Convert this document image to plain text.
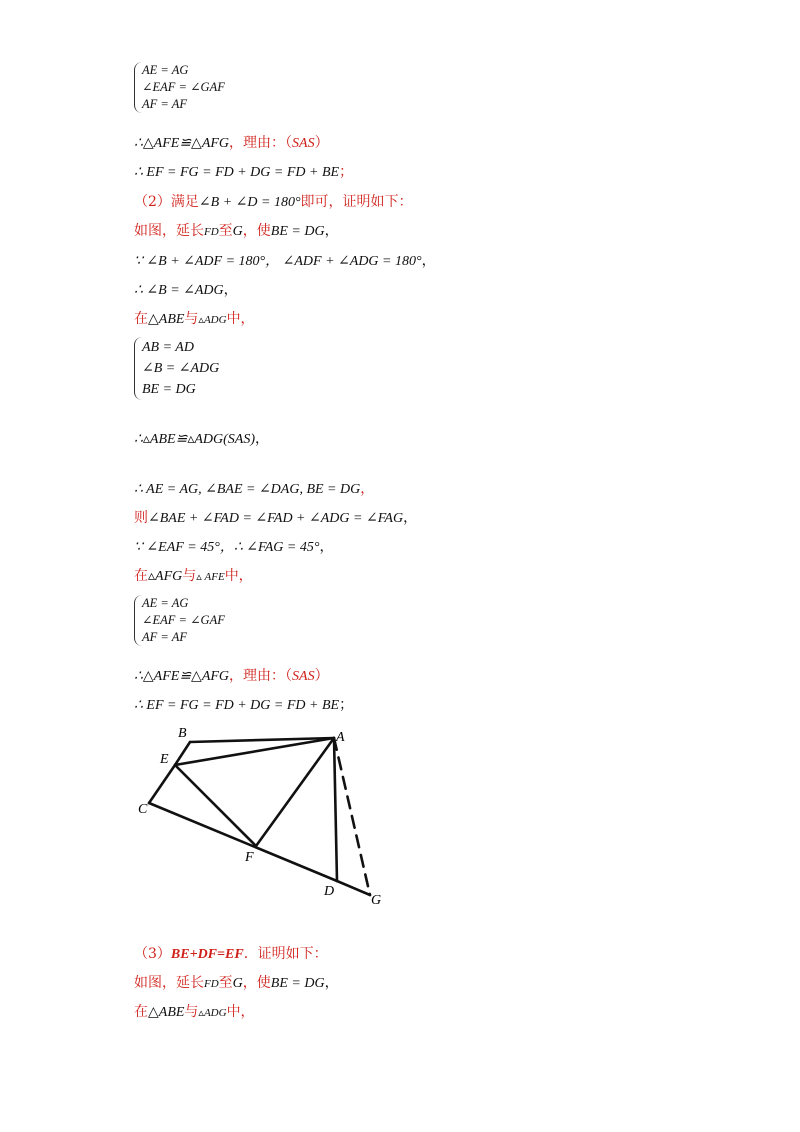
AE = AG
∠EAF = ∠GAF
AF = AF
∴△AFE≌△AFG，理由：（SAS）
∴ EF = FG = FD + DG = FD + BE；
（2）满足∠B + ∠D = 180°即可，证明如下：
如图，延长FD至G，使BE = DG，
∵ ∠B + ∠ADF = 180°， ∠ADF + ∠ADG = 180°，
∴ ∠B = ∠ADG，
在△ABE与▵ADG中，
AB = AD
∠B = ∠ADG
BE = DG
∴▵ABE≌▵ADG(SAS)，
∴ AE = AG, ∠BAE = ∠DAG, BE = DG，
则∠BAE + ∠FAD = ∠FAD + ∠ADG = ∠FAG，
∵ ∠EAF = 45°，∴ ∠FAG = 45°，
在▵AFG与▵ AFE中，
AE = AG
∠EAF = ∠GAF
AF = AF
∴△AFE≌△AFG，理由：（SAS）
∴ EF = FG = FD + DG = FD + BE；
A
B
C
D
E
F
G
（3）BE+DF=EF．证明如下：
如图，延长FD至G，使BE = DG，
在△ABE与▵ADG中，
